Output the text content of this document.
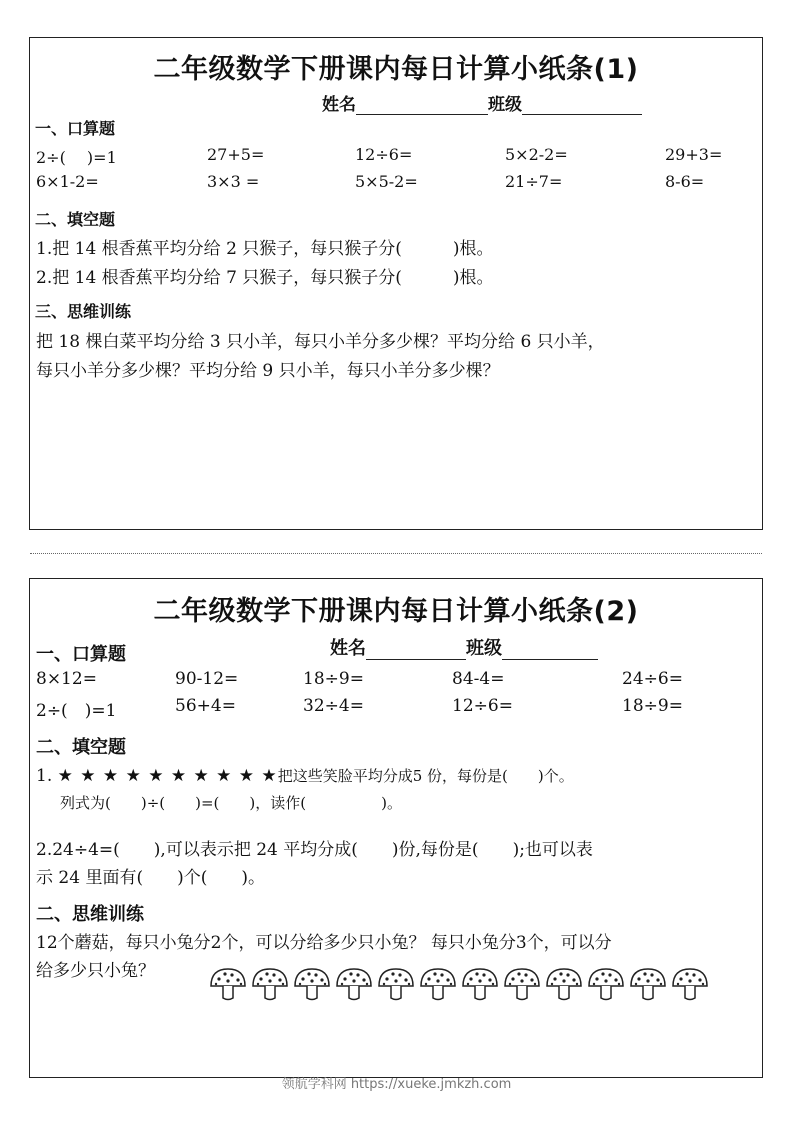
二年级数学下册课内每日计算小纸条(1)
姓名	班级
一、口算题
2÷(　 )=1	27+5=	12÷6=	5×2-2=	29+3=
6×1-2=	3×3 =	5×5-2=	21÷7=	8-6=
二、填空题
1.把 14 根香蕉平均分给 2 只猴子，每只猴子分(　　　)根。
2.把 14 根香蕉平均分给 7 只猴子，每只猴子分(　　　)根。
三、思维训练
把 18 棵白菜平均分给 3 只小羊，每只小羊分多少棵？平均分给 6 只小羊，
每只小羊分多少棵？平均分给 9 只小羊，每只小羊分多少棵？
二年级数学下册课内每日计算小纸条(2)
姓名	班级
一、口算题
8×12=	90-12=	18÷9=	84-4=	24÷6=
2÷(　)=1	56+4=	32÷4=	12÷6=	18÷9=
二、填空题
1. ★ ★ ★ ★ ★ ★ ★ ★ ★ ★把这些笑脸平均分成5 份，每份是(　　)个。
列式为(　　)÷(　　)=(　　)，读作(　　　　　)。
2.24÷4=(　　),可以表示把 24 平均分成(　　)份,每份是(　　);也可以表
示 24 里面有(　　)个(　　)。
二、思维训练
12个蘑菇，每只小兔分2个，可以分给多少只小兔？ 每只小兔分3个，可以分
给多少只小兔？
领航学科网 https://xueke.jmkzh.com
